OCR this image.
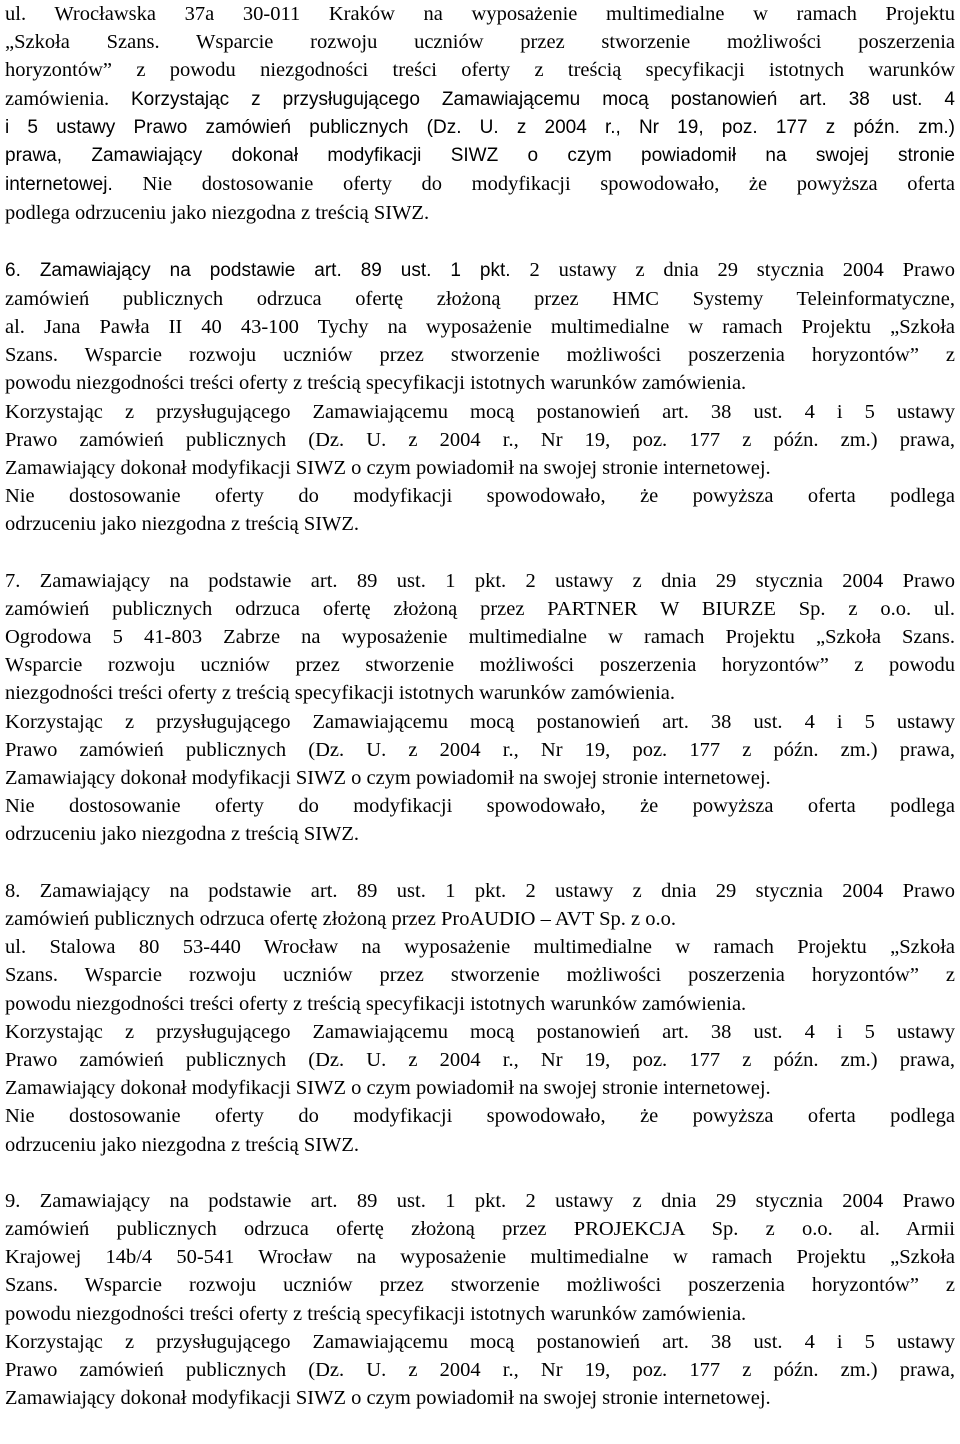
ul. Wrocławska 37a 30-011 Kraków na wyposażenie multimedialne w ramach Projektu
„Szkoła Szans. Wsparcie rozwoju uczniów przez stworzenie możliwości poszerzenia
horyzontów” z powodu niezgodności treści oferty z treścią specyfikacji istotnych warunków
zamówienia. Korzystając z przysługującego Zamawiającemu mocą postanowień art. 38 ust. 4
i 5 ustawy Prawo zamówień publicznych (Dz. U. z 2004 r., Nr 19, poz. 177 z późn. zm.)
prawa, Zamawiający dokonał modyfikacji SIWZ o czym powiadomił na swojej stronie
internetowej. Nie dostosowanie oferty do modyfikacji spowodowało, że powyższa oferta
podlega odrzuceniu jako niezgodna z treścią SIWZ.
6. Zamawiający na podstawie art. 89 ust. 1 pkt. 2 ustawy z dnia 29 stycznia 2004 Prawo
zamówień publicznych odrzuca ofertę złożoną przez HMC Systemy Teleinformatyczne,
al. Jana Pawła II 40 43-100 Tychy na wyposażenie multimedialne w ramach Projektu „Szkoła
Szans. Wsparcie rozwoju uczniów przez stworzenie możliwości poszerzenia horyzontów” z
powodu niezgodności treści oferty z treścią specyfikacji istotnych warunków zamówienia.
Korzystając z przysługującego Zamawiającemu mocą postanowień art. 38 ust. 4 i 5 ustawy
Prawo zamówień publicznych (Dz. U. z 2004 r., Nr 19, poz. 177 z późn. zm.) prawa,
Zamawiający dokonał modyfikacji SIWZ o czym powiadomił na swojej stronie internetowej.
Nie dostosowanie oferty do modyfikacji spowodowało, że powyższa oferta podlega
odrzuceniu jako niezgodna z treścią SIWZ.
7. Zamawiający na podstawie art. 89 ust. 1 pkt. 2 ustawy z dnia 29 stycznia 2004 Prawo
zamówień publicznych odrzuca ofertę złożoną przez PARTNER W BIURZE Sp. z o.o. ul.
Ogrodowa 5 41-803 Zabrze na wyposażenie multimedialne w ramach Projektu „Szkoła Szans.
Wsparcie rozwoju uczniów przez stworzenie możliwości poszerzenia horyzontów” z powodu
niezgodności treści oferty z treścią specyfikacji istotnych warunków zamówienia.
Korzystając z przysługującego Zamawiającemu mocą postanowień art. 38 ust. 4 i 5 ustawy
Prawo zamówień publicznych (Dz. U. z 2004 r., Nr 19, poz. 177 z późn. zm.) prawa,
Zamawiający dokonał modyfikacji SIWZ o czym powiadomił na swojej stronie internetowej.
Nie dostosowanie oferty do modyfikacji spowodowało, że powyższa oferta podlega
odrzuceniu jako niezgodna z treścią SIWZ.
8. Zamawiający na podstawie art. 89 ust. 1 pkt. 2 ustawy z dnia 29 stycznia 2004 Prawo
zamówień publicznych odrzuca ofertę złożoną przez ProAUDIO – AVT Sp. z o.o.
ul. Stalowa 80 53-440 Wrocław na wyposażenie multimedialne w ramach Projektu „Szkoła
Szans. Wsparcie rozwoju uczniów przez stworzenie możliwości poszerzenia horyzontów” z
powodu niezgodności treści oferty z treścią specyfikacji istotnych warunków zamówienia.
Korzystając z przysługującego Zamawiającemu mocą postanowień art. 38 ust. 4 i 5 ustawy
Prawo zamówień publicznych (Dz. U. z 2004 r., Nr 19, poz. 177 z późn. zm.) prawa,
Zamawiający dokonał modyfikacji SIWZ o czym powiadomił na swojej stronie internetowej.
Nie dostosowanie oferty do modyfikacji spowodowało, że powyższa oferta podlega
odrzuceniu jako niezgodna z treścią SIWZ.
9. Zamawiający na podstawie art. 89 ust. 1 pkt. 2 ustawy z dnia 29 stycznia 2004 Prawo
zamówień publicznych odrzuca ofertę złożoną przez PROJEKCJA Sp. z o.o. al. Armii
Krajowej 14b/4 50-541 Wrocław na wyposażenie multimedialne w ramach Projektu „Szkoła
Szans. Wsparcie rozwoju uczniów przez stworzenie możliwości poszerzenia horyzontów” z
powodu niezgodności treści oferty z treścią specyfikacji istotnych warunków zamówienia.
Korzystając z przysługującego Zamawiającemu mocą postanowień art. 38 ust. 4 i 5 ustawy
Prawo zamówień publicznych (Dz. U. z 2004 r., Nr 19, poz. 177 z późn. zm.) prawa,
Zamawiający dokonał modyfikacji SIWZ o czym powiadomił na swojej stronie internetowej.
